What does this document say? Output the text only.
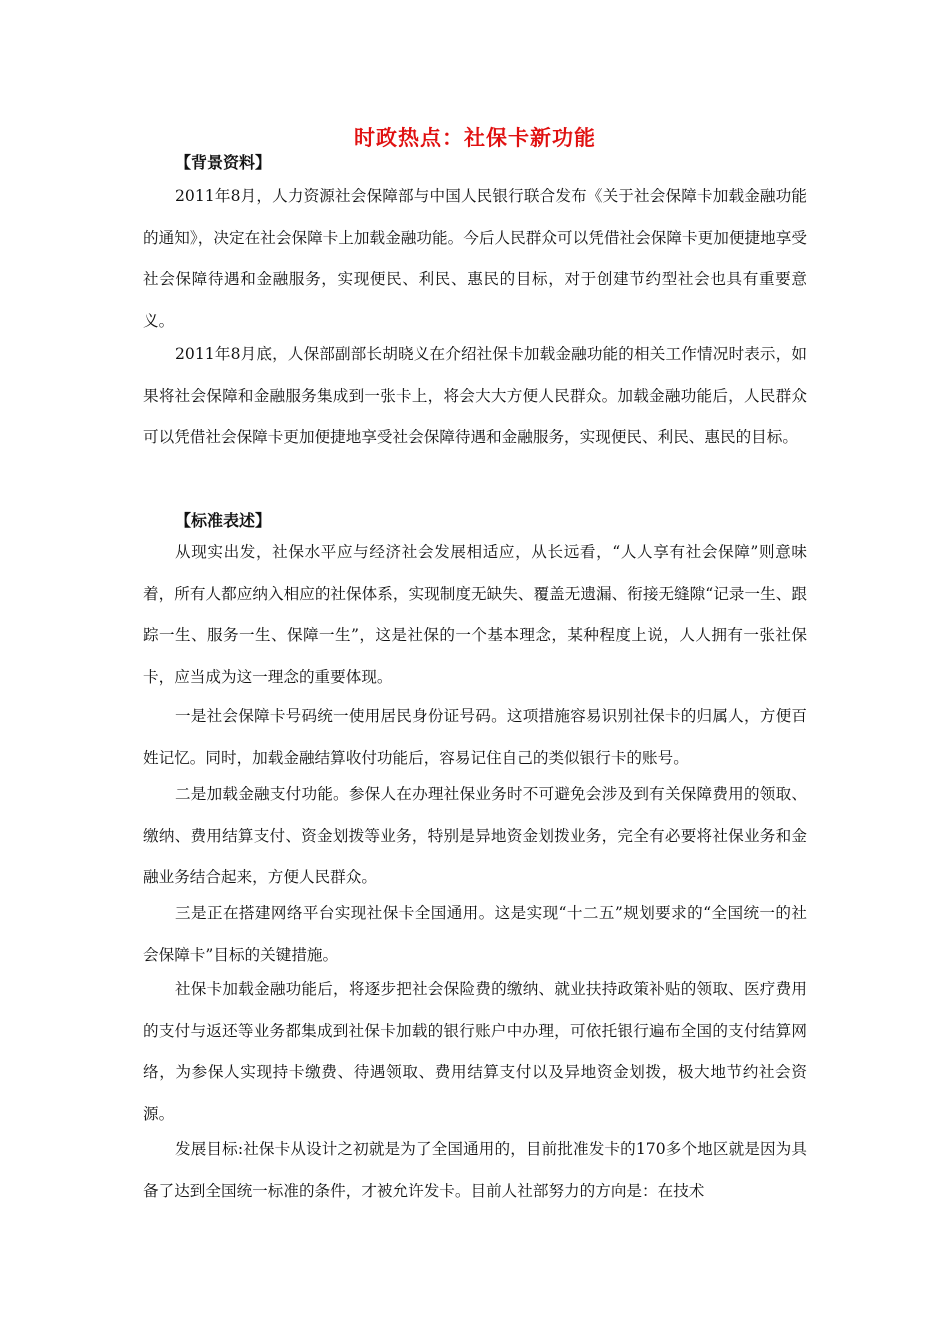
时政热点：社保卡新功能
【背景资料】

2011年8月，人力资源社会保障部与中国人民银行联合发布《关于社会保障卡加载金融功能的通知》，决定在社会保障卡上加载金融功能。今后人民群众可以凭借社会保障卡更加便捷地享受社会保障待遇和金融服务，实现便民、利民、惠民的目标，对于创建节约型社会也具有重要意义。

2011年8月底，人保部副部长胡晓义在介绍社保卡加载金融功能的相关工作情况时表示，如果将社会保障和金融服务集成到一张卡上，将会大大方便人民群众。加载金融功能后，人民群众可以凭借社会保障卡更加便捷地享受社会保障待遇和金融服务，实现便民、利民、惠民的目标。

【标准表述】

从现实出发，社保水平应与经济社会发展相适应，从长远看，“人人享有社会保障”则意味着，所有人都应纳入相应的社保体系，实现制度无缺失、覆盖无遗漏、衔接无缝隙“记录一生、跟踪一生、服务一生、保障一生”，这是社保的一个基本理念，某种程度上说，人人拥有一张社保卡，应当成为这一理念的重要体现。

一是社会保障卡号码统一使用居民身份证号码。这项措施容易识别社保卡的归属人，方便百姓记忆。同时，加载金融结算收付功能后，容易记住自己的类似银行卡的账号。

二是加载金融支付功能。参保人在办理社保业务时不可避免会涉及到有关保障费用的领取、缴纳、费用结算支付、资金划拨等业务，特别是异地资金划拨业务，完全有必要将社保业务和金融业务结合起来，方便人民群众。

三是正在搭建网络平台实现社保卡全国通用。这是实现“十二五”规划要求的“全国统一的社会保障卡”目标的关键措施。

社保卡加载金融功能后，将逐步把社会保险费的缴纳、就业扶持政策补贴的领取、医疗费用的支付与返还等业务都集成到社保卡加载的银行账户中办理，可依托银行遍布全国的支付结算网络，为参保人实现持卡缴费、待遇领取、费用结算支付以及异地资金划拨，极大地节约社会资源。

发展目标:社保卡从设计之初就是为了全国通用的，目前批准发卡的170多个地区就是因为具备了达到全国统一标准的条件，才被允许发卡。目前人社部努力的方向是：在技术
